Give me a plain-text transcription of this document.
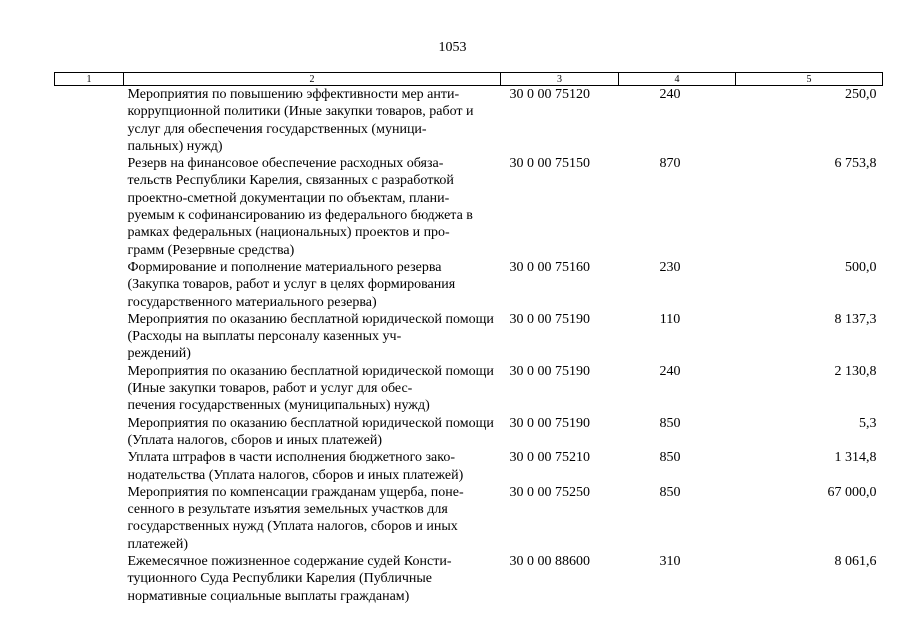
1053
1	2	3	4	5
	Мероприятия по повышению эффективности мер анти-
коррупционной политики (Иные закупки товаров, работ и услуг для обеспечения государственных (муници-
пальных) нужд)	30 0 00 75120	240	250,0
	Резерв на финансовое обеспечение расходных обяза-
тельств Республики Карелия, связанных с разработкой проектно-сметной документации по объектам, плани-
руемым к софинансированию из федерального бюджета в рамках федеральных (национальных) проектов и про-
грамм (Резервные средства)	30 0 00 75150	870	6 753,8
	Формирование и пополнение материального резерва (Закупка товаров, работ и услуг в целях формирования государственного материального резерва)	30 0 00 75160	230	500,0
	Мероприятия по оказанию бесплатной юридической помощи (Расходы на выплаты персоналу казенных уч-
реждений)	30 0 00 75190	110	8 137,3
	Мероприятия по оказанию бесплатной юридической помощи (Иные закупки товаров, работ и услуг для обес-
печения государственных (муниципальных) нужд)	30 0 00 75190	240	2 130,8
	Мероприятия по оказанию бесплатной юридической помощи (Уплата налогов, сборов и иных платежей)	30 0 00 75190	850	5,3
	Уплата штрафов в части исполнения бюджетного зако-
нодательства (Уплата налогов, сборов и иных платежей)	30 0 00 75210	850	1 314,8
	Мероприятия по компенсации гражданам ущерба, поне-
сенного в результате изъятия земельных участков для государственных нужд (Уплата налогов, сборов и иных платежей)	30 0 00 75250	850	67 000,0
	Ежемесячное пожизненное содержание судей Консти-
туционного Суда Республики Карелия (Публичные нормативные социальные выплаты гражданам)	30 0 00 88600	310	8 061,6
